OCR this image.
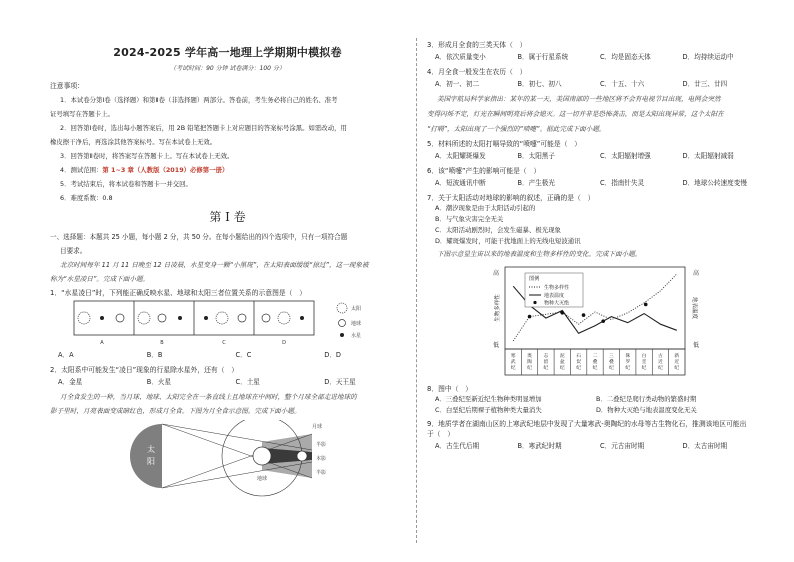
2024-2025 学年高一地理上学期期中模拟卷
（考试时间：90 分钟 试卷满分：100 分）
注意事项：
1．本试卷分第Ⅰ卷（选择题）和第Ⅱ卷（非选择题）两部分。答卷前，考生务必将自己的姓名、准考
证号填写在答题卡上。
2．回答第Ⅰ卷时，选出每小题答案后，用 2B 铅笔把答题卡上对应题目的答案标号涂黑。如需改动，用
橡皮擦干净后，再选涂其他答案标号。写在本试卷上无效。
3．回答第Ⅱ卷时，将答案写在答题卡上。写在本试卷上无效。
4．测试范围：第 1~3 章（人教版（2019）必修第一册）
5．考试结束后，将本试卷和答题卡一并交回。
6．难度系数：0.8
第 Ⅰ 卷
一、选择题：本题共 25 小题，每小题 2 分，共 50 分。在每小题给出的四个选项中，只有一项符合题
目要求。
北京时间每年 11 月 11 日晚至 12 日凌晨，水星变身一颗“小黑斑”，在太阳表面缓缓“掠过”，这一现象被
称为“水星凌日”。完成下面小题。
1．“水星凌日”时，下列能正确反映水星、地球和太阳三者位置关系的示意图是（　）
A	B	C	D
太阳
地球
水星
A．A	B．B	C．C	D．D
2．太阳系中可能发生“凌日”现象的行星除水星外，还有（　）
A．金星	B．火星	C．土星	D．天王星
月全食发生的一种，当月球、地球、太阳完全在一条直线上且地球在中间时，整个月球全部走进地球的
影子里时，月亮表面变成暗红色，形成月全食。下图为月全食示意图。完成下面小题。
太
阳
地球
月球
半影
本影
半影
3．形成月全食的三类天体（　）
A．依次质量变小	B．属于行星系统	C．均是固态天体	D．均持续运动中
4．月全食一般发生在农历（　）
A．初一、初二	B．初七、初八	C．十五、十六	D．廿三、廿四
美国宇航局科学家指出：某年的某一天，美国南部的一些地区将不会有电视节目出现，电网会突然
变得闪烁不定，灯光在瞬间明亮后将会熄灭。这一切并非是恐怖袭击，而是太阳出现异常，这个太阳在
“打嗝”，太阳出现了一个强烈的“喷嚏”。据此完成下面小题。
5．材料所述的太阳打嗝导致的“喷嚏”可能是（　）
A．太阳耀斑爆发	B．太阳黑子	C．太阳辐射增强	D．太阳辐射减弱
6．该“喷嚏”产生的影响可能是（　）
A．短波通讯中断	B．产生极光	C．指南针失灵	D．地球公转速度变慢
7．关于太阳活动对地球的影响的叙述，正确的是（　）
A．潮汐现象是由于太阳活动引起的
B．与气象灾害完全无关
C．太阳活动剧烈时，会发生磁暴、极光现象
D．耀斑爆发时，可能干扰地面上的无线电短波通讯
下图示意显生宙以来的地表温度和生物多样性的变化。完成下面小题。
寒
武
纪
奥
陶
纪
志
留
纪
泥
盆
纪
石
炭
纪
二
叠
纪
三
叠
纪
侏
罗
纪
白
垩
纪
古
近
纪
新
近
纪
高
低
高
低
生物多样性	地表温度
图例
生物多样性
地表温度
物种大灭绝
8．图中（　）
A．三叠纪至新近纪生物种类明显增加	B．二叠纪是爬行类动物的繁盛时期
C．白垩纪后期裸子植物种类大量消失	D．物种大灭绝与地表温度变化无关
9．地质学者在湖南山区的上寒武纪地层中发现了大量寒武-奥陶纪的水母等古生物化石，推测该地区可能出
于（　）
A．古生代后期	B．寒武纪时期	C．元古宙时期	D．太古宙时期
